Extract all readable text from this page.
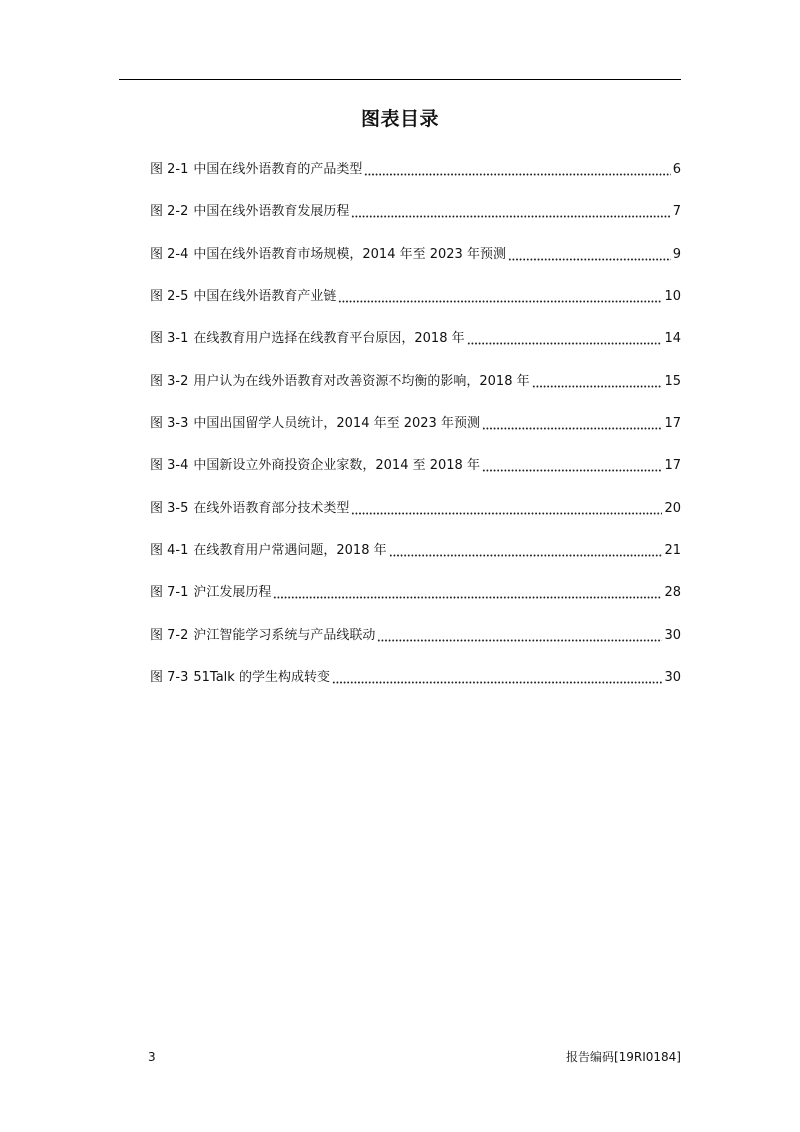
图表目录
图 2-1 中国在线外语教育的产品类型	6
图 2-2 中国在线外语教育发展历程	7
图 2-4 中国在线外语教育市场规模，2014 年至 2023 年预测	9
图 2-5 中国在线外语教育产业链	10
图 3-1 在线教育用户选择在线教育平台原因，2018 年	14
图 3-2 用户认为在线外语教育对改善资源不均衡的影响，2018 年	15
图 3-3 中国出国留学人员统计，2014 年至 2023 年预测	17
图 3-4 中国新设立外商投资企业家数，2014 至 2018 年	17
图 3-5 在线外语教育部分技术类型	20
图 4-1 在线教育用户常遇问题，2018 年	21
图 7-1 沪江发展历程	28
图 7-2 沪江智能学习系统与产品线联动	30
图 7-3 51Talk 的学生构成转变	30
3	报告编码[19RI0184]
